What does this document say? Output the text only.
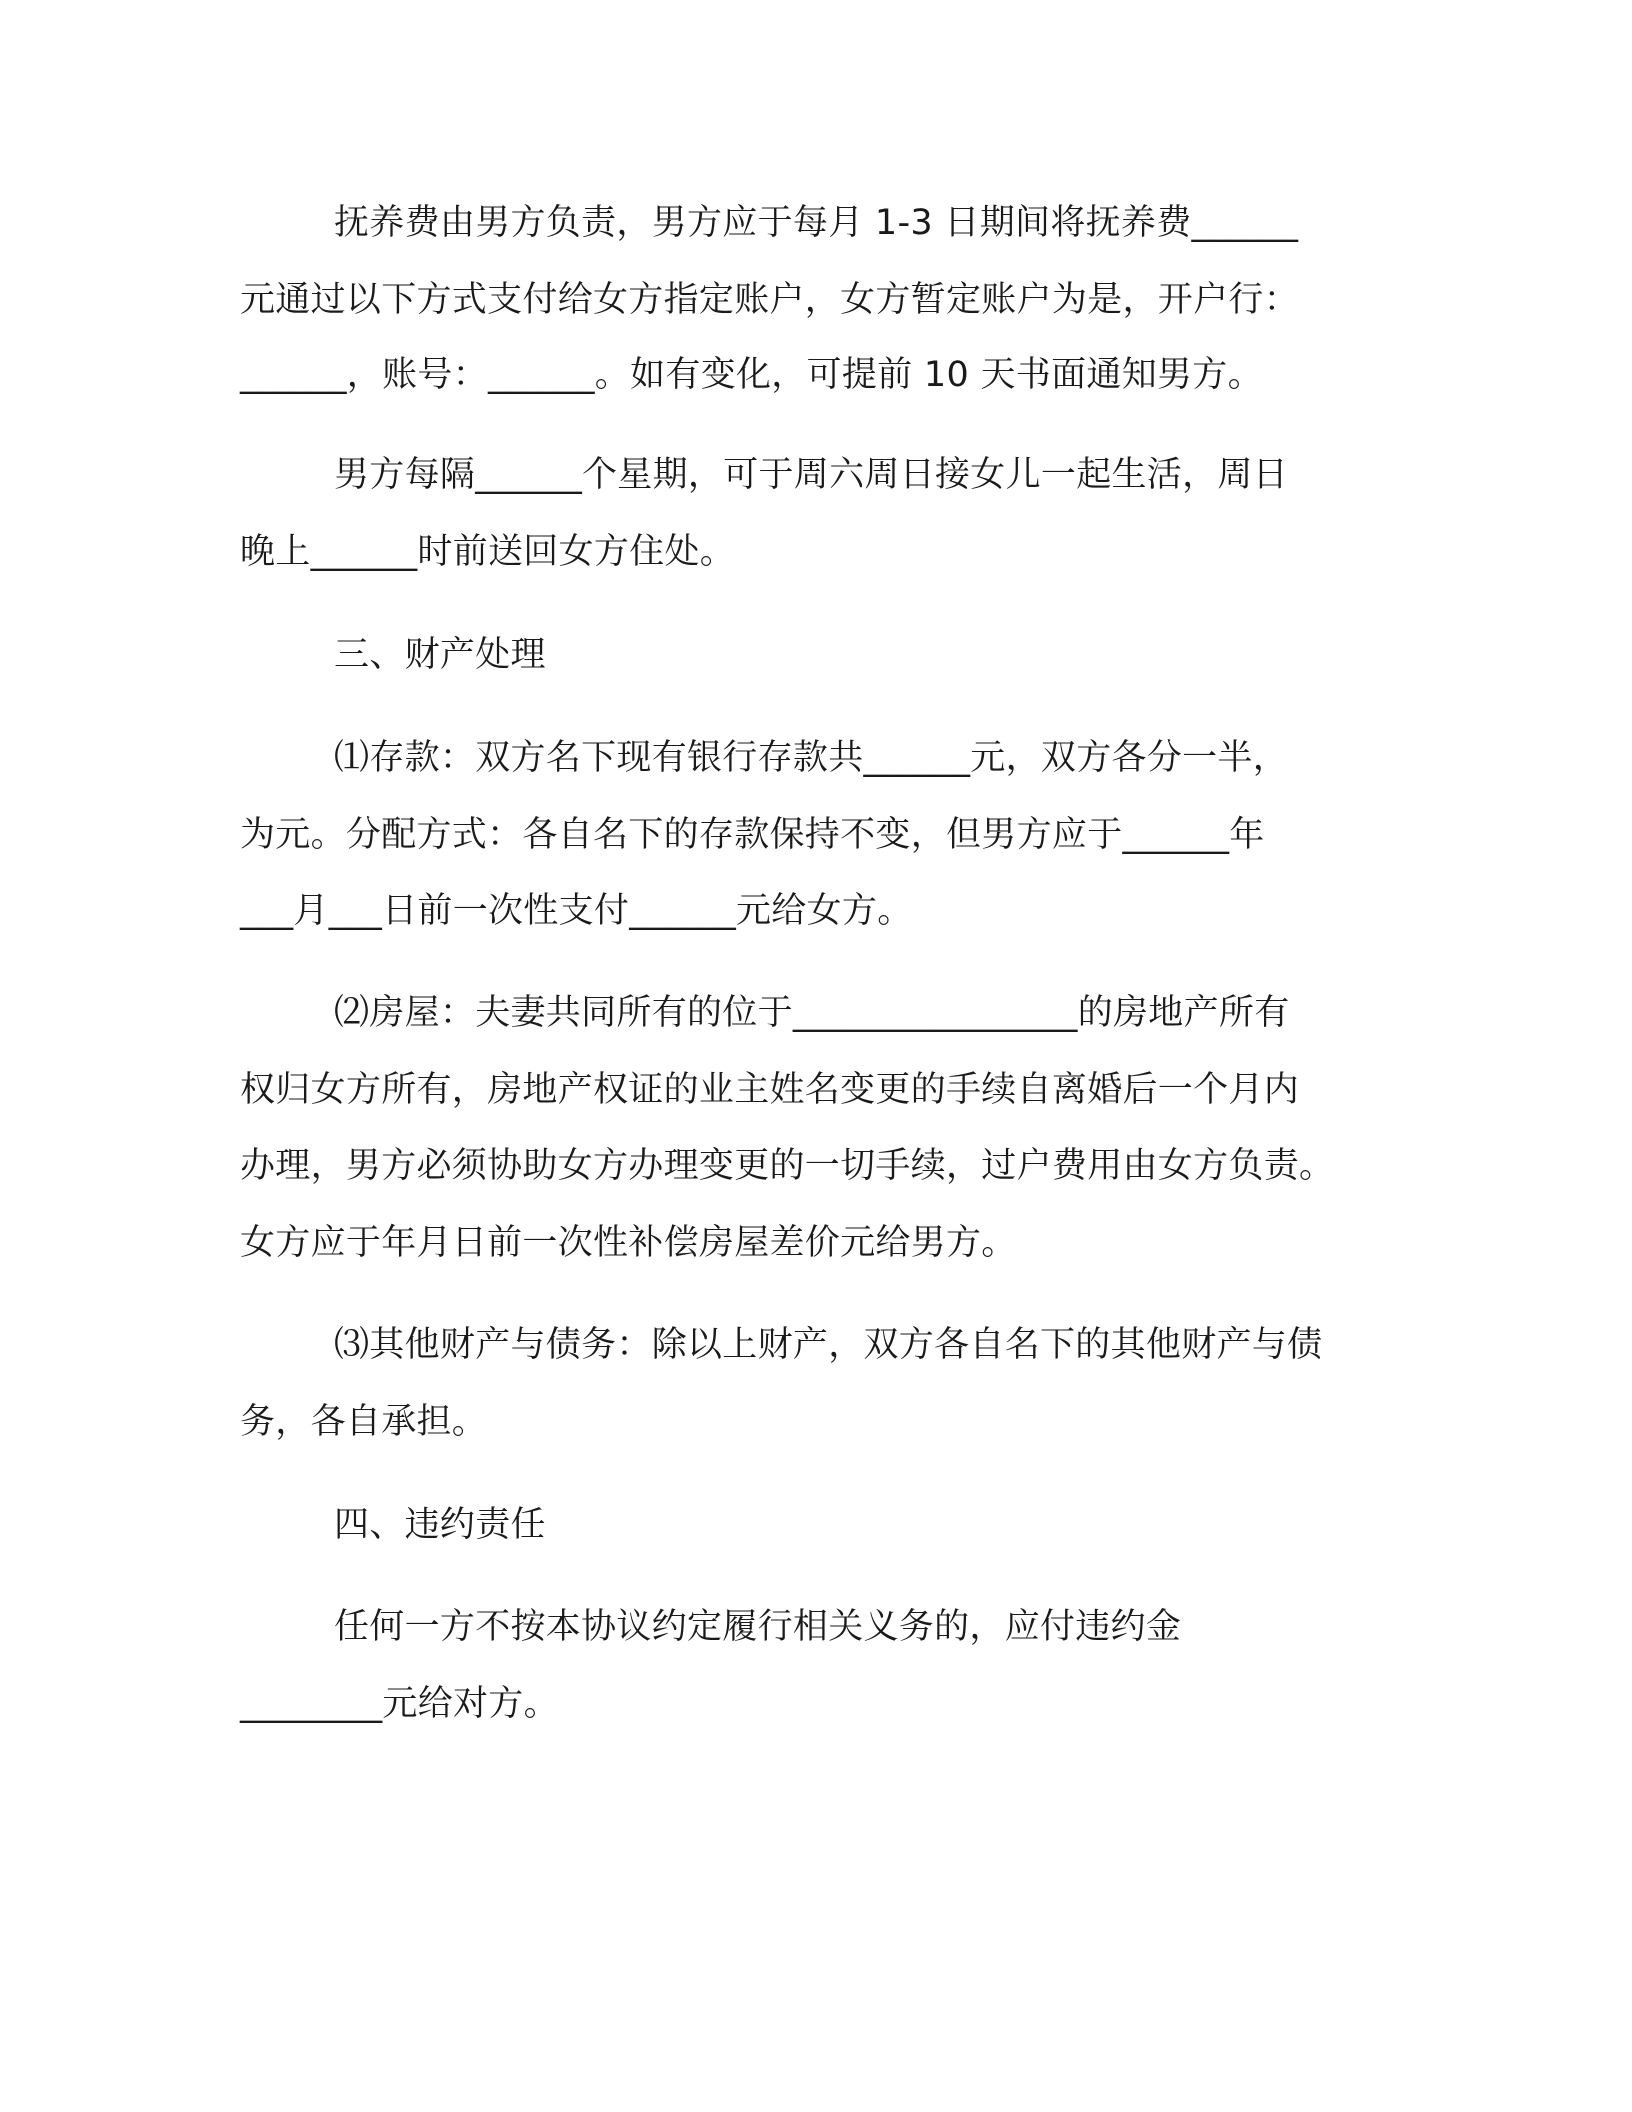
抚养费由男方负责，男方应于每月 1-3 日期间将抚养费______
元通过以下方式支付给女方指定账户，女方暂定账户为是，开户行：
______，账号：______。如有变化，可提前 10 天书面通知男方。
男方每隔______个星期，可于周六周日接女儿一起生活，周日
晚上______时前送回女方住处。
三、财产处理
⑴存款：双方名下现有银行存款共______元，双方各分一半，
为元。分配方式：各自名下的存款保持不变，但男方应于______年
___月___日前一次性支付______元给女方。
⑵房屋：夫妻共同所有的位于________________的房地产所有
权归女方所有，房地产权证的业主姓名变更的手续自离婚后一个月内
办理，男方必须协助女方办理变更的一切手续，过户费用由女方负责。
女方应于年月日前一次性补偿房屋差价元给男方。
⑶其他财产与债务：除以上财产，双方各自名下的其他财产与债
务，各自承担。
四、违约责任
任何一方不按本协议约定履行相关义务的，应付违约金
________元给对方。
